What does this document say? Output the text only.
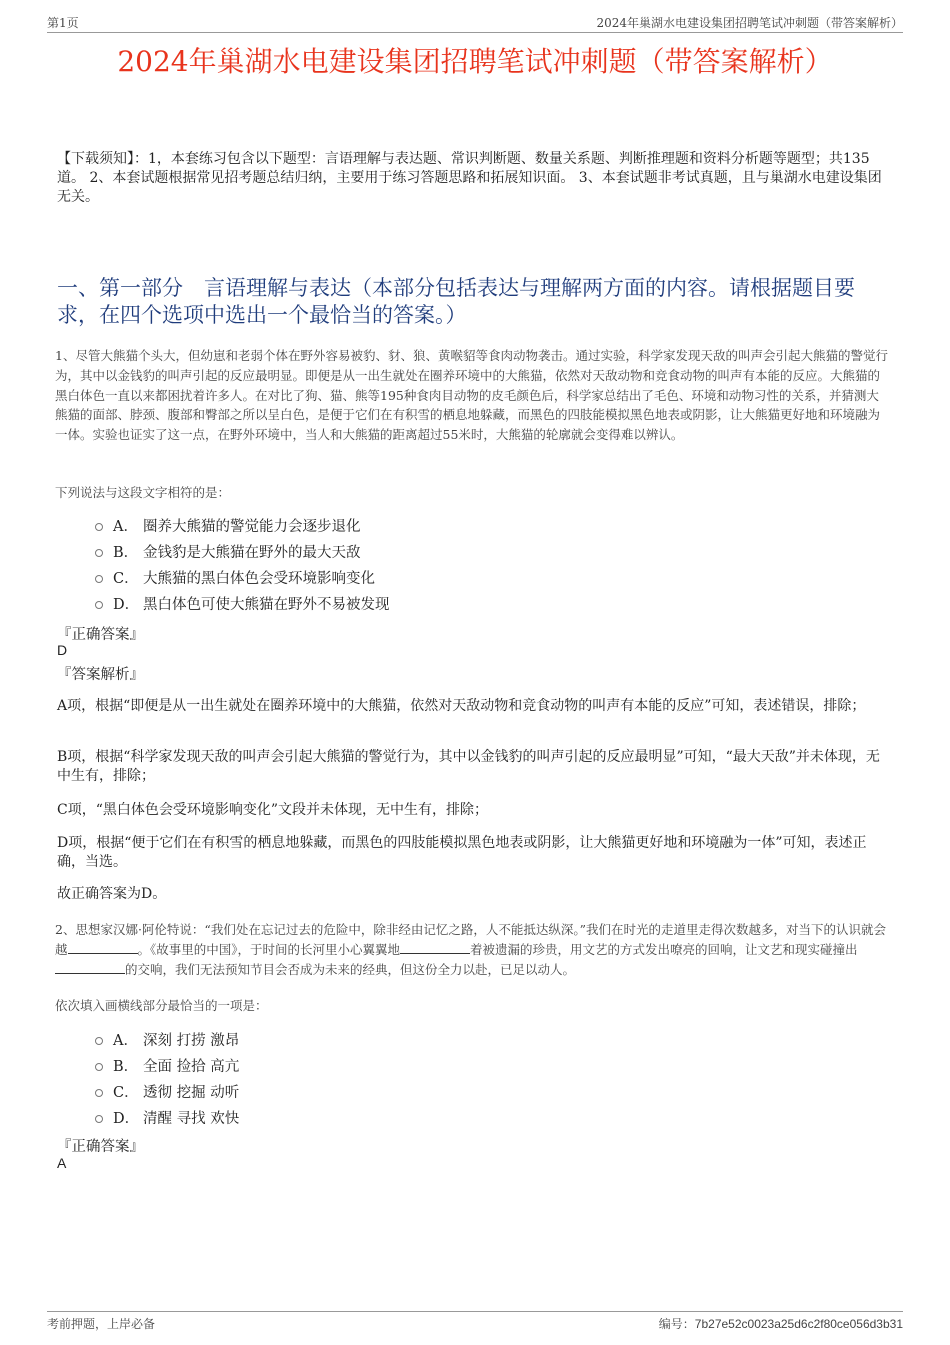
第1页	2024年巢湖水电建设集团招聘笔试冲刺题（带答案解析）
2024年巢湖水电建设集团招聘笔试冲刺题（带答案解析）

【下载须知】：1，本套练习包含以下题型：言语理解与表达题、常识判断题、数量关系题、判断推理题和资料分析题等题型；共135道。 2、本套试题根据常见招考题总结归纳，主要用于练习答题思路和拓展知识面。 3、本套试题非考试真题，且与巢湖水电建设集团无关。

一、第一部分　言语理解与表达（本部分包括表达与理解两方面的内容。请根据题目要求，在四个选项中选出一个最恰当的答案。）

1、尽管大熊猫个头大，但幼崽和老弱个体在野外容易被豹、豺、狼、黄喉貂等食肉动物袭击。通过实验，科学家发现天敌的叫声会引起大熊猫的警觉行为，其中以金钱豹的叫声引起的反应最明显。即便是从一出生就处在圈养环境中的大熊猫，依然对天敌动物和竞食动物的叫声有本能的反应。大熊猫的黑白体色一直以来都困扰着许多人。在对比了狗、猫、熊等195种食肉目动物的皮毛颜色后，科学家总结出了毛色、环境和动物习性的关系，并猜测大熊猫的面部、脖颈、腹部和臀部之所以呈白色，是便于它们在有积雪的栖息地躲藏，而黑色的四肢能模拟黑色地表或阴影，让大熊猫更好地和环境融为一体。实验也证实了这一点，在野外环境中，当人和大熊猫的距离超过55米时，大熊猫的轮廓就会变得难以辨认。

下列说法与这段文字相符的是：

A． 圈养大熊猫的警觉能力会逐步退化
B． 金钱豹是大熊猫在野外的最大天敌
C． 大熊猫的黑白体色会受环境影响变化
D． 黑白体色可使大熊猫在野外不易被发现

『正确答案』

D

『答案解析』

A项，根据“即便是从一出生就处在圈养环境中的大熊猫，依然对天敌动物和竞食动物的叫声有本能的反应”可知，表述错误，排除；

B项，根据“科学家发现天敌的叫声会引起大熊猫的警觉行为，其中以金钱豹的叫声引起的反应最明显”可知，“最大天敌”并未体现，无中生有，排除；

C项，“黑白体色会受环境影响变化”文段并未体现，无中生有，排除；

D项，根据“便于它们在有积雪的栖息地躲藏，而黑色的四肢能模拟黑色地表或阴影，让大熊猫更好地和环境融为一体”可知，表述正确，当选。

故正确答案为D。

2、思想家汉娜·阿伦特说：“我们处在忘记过去的危险中，除非经由记忆之路，人不能抵达纵深。”我们在时光的走道里走得次数越多，对当下的认识就会越	。《故事里的中国》，于时间的长河里小心翼翼地	着被遗漏的珍贵，用文艺的方式发出嘹亮的回响，让文艺和现实碰撞出的交响，我们无法预知节目会否成为未来的经典，但这份全力以赴，已足以动人。

依次填入画横线部分最恰当的一项是：

A． 深刻 打捞 激昂
B． 全面 捡拾 高亢
C． 透彻 挖掘 动听
D． 清醒 寻找 欢快

『正确答案』

A

考前押题，上岸必备	编号：7b27e52c0023a25d6c2f80ce056d3b31
